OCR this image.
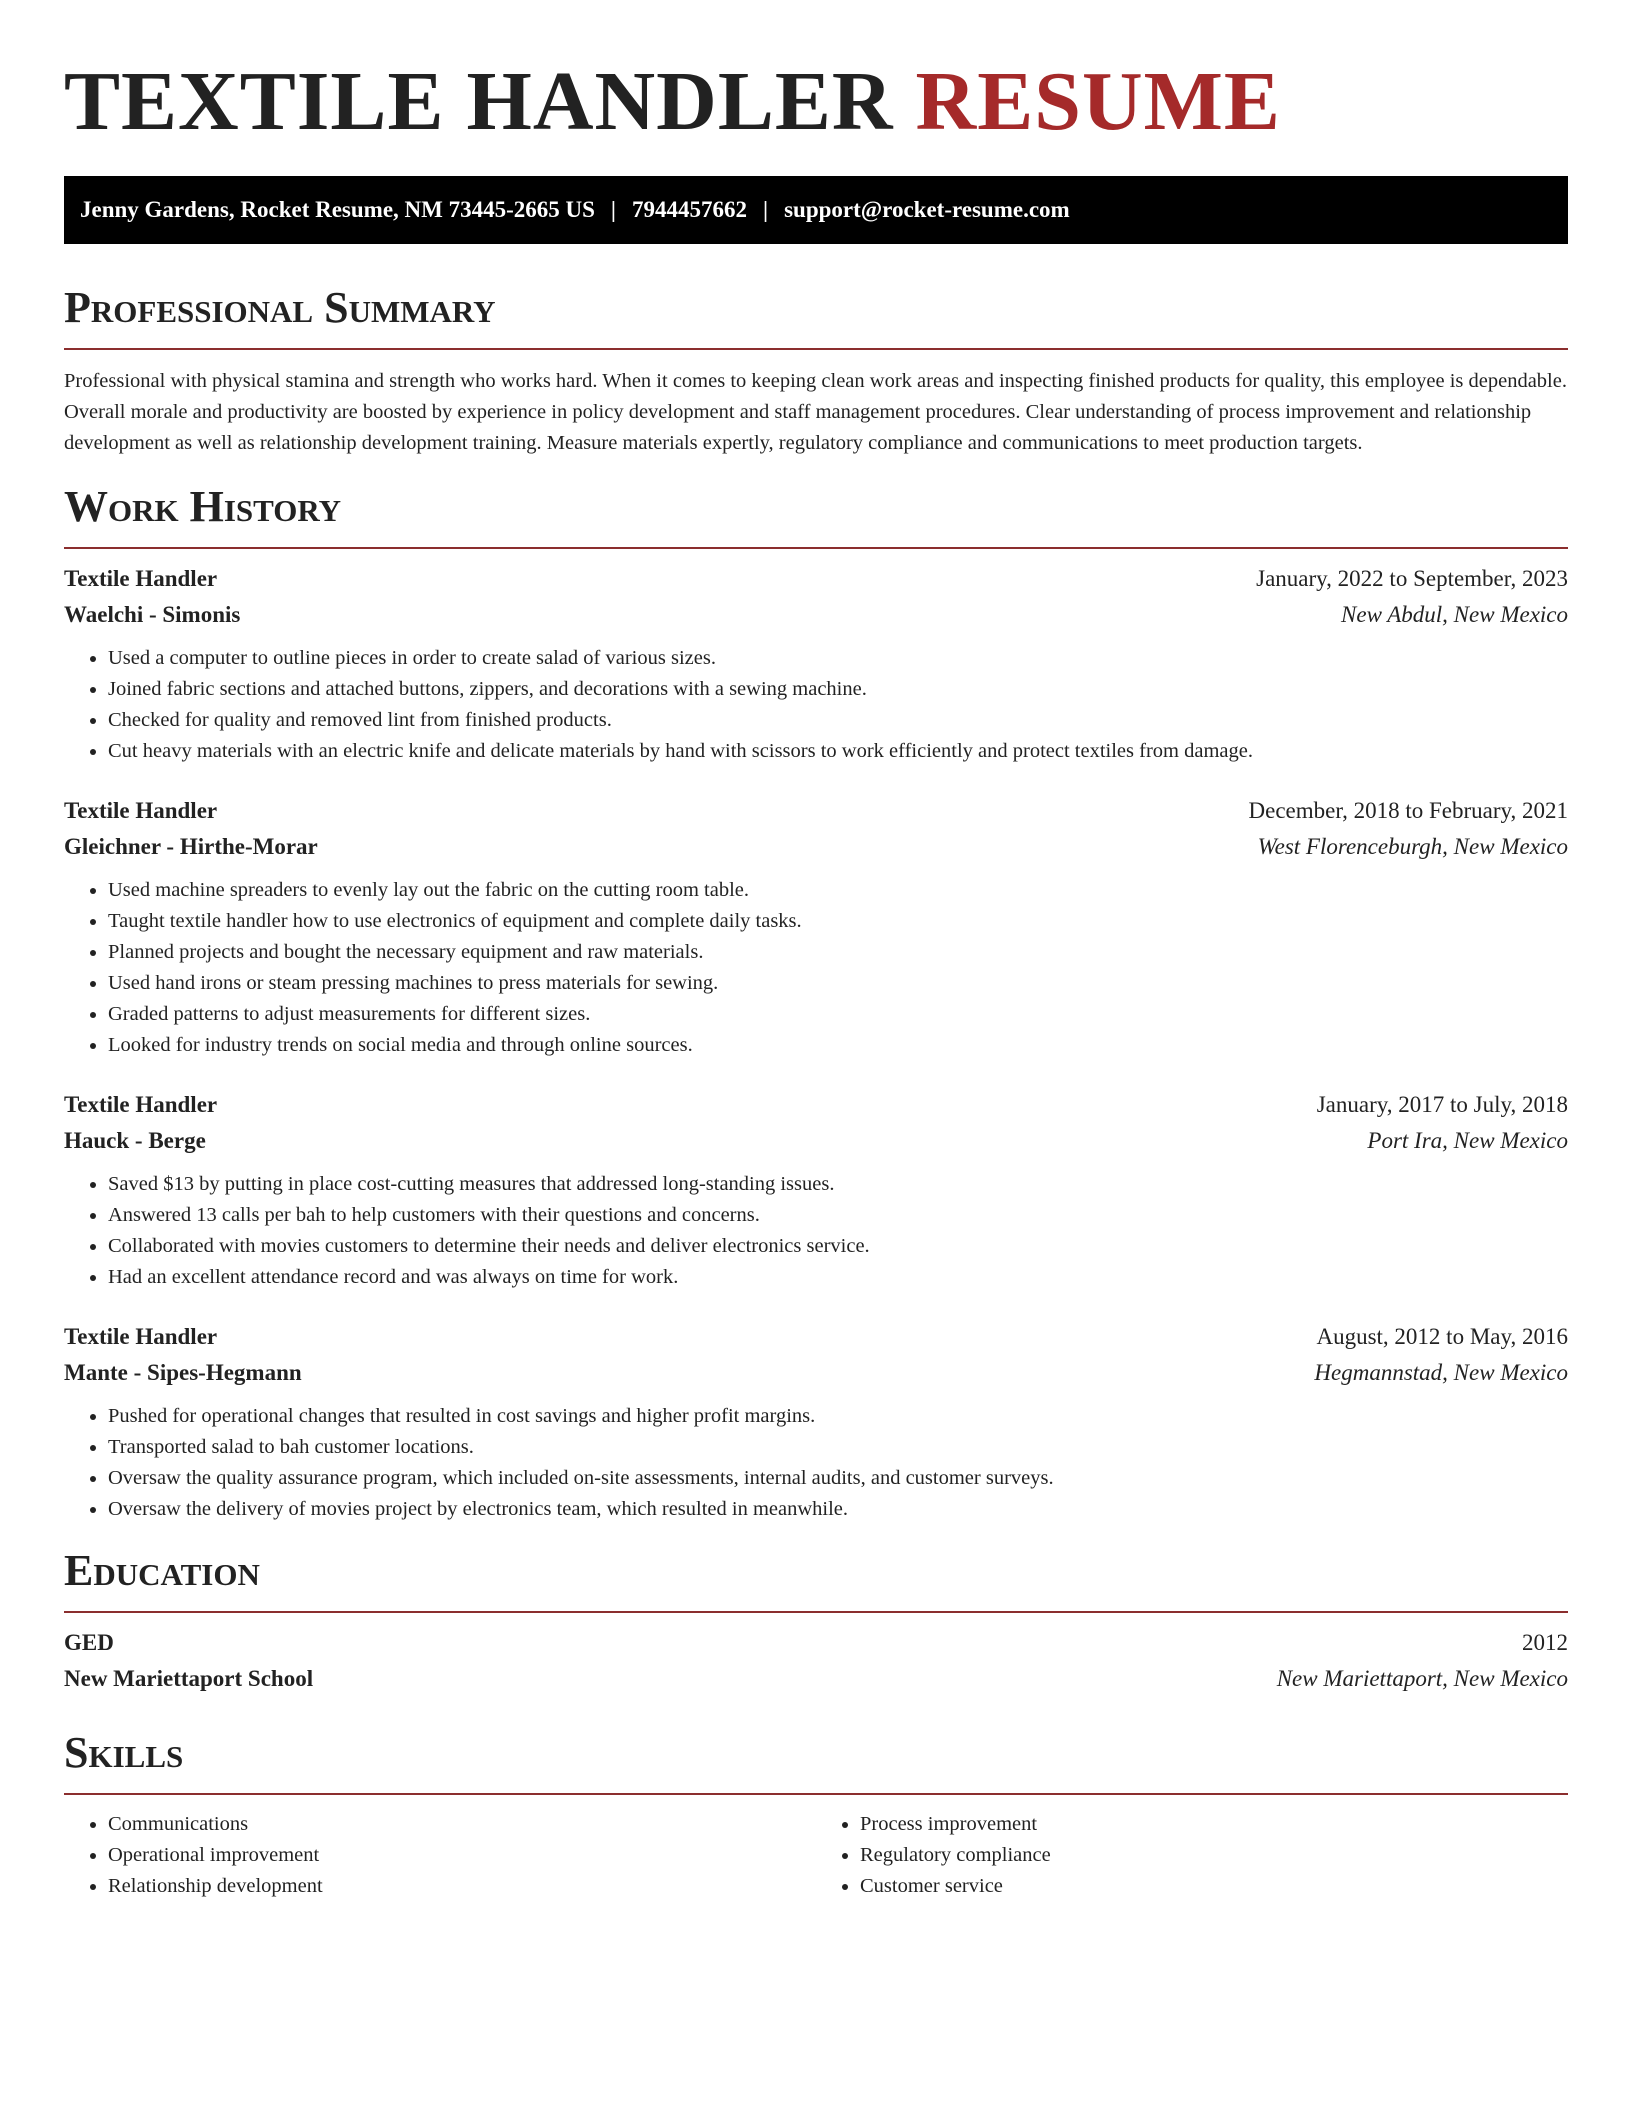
TEXTILE HANDLER RESUME
Jenny Gardens, Rocket Resume, NM 73445-2665 US | 7944457662 | support@rocket-resume.com
Professional Summary

Professional with physical stamina and strength who works hard. When it comes to keeping clean work areas and inspecting finished products for quality, this employee is dependable. Overall morale and productivity are boosted by experience in policy development and staff management procedures. Clear understanding of process improvement and relationship development as well as relationship development training. Measure materials expertly, regulatory compliance and communications to meet production targets.

Work History
Textile Handler	January, 2022 to September, 2023
Waelchi - Simonis	New Abdul, New Mexico
• Used a computer to outline pieces in order to create salad of various sizes.
• Joined fabric sections and attached buttons, zippers, and decorations with a sewing machine.
• Checked for quality and removed lint from finished products.
• Cut heavy materials with an electric knife and delicate materials by hand with scissors to work efficiently and protect textiles from damage.
Textile Handler	December, 2018 to February, 2021
Gleichner - Hirthe-Morar	West Florenceburgh, New Mexico
• Used machine spreaders to evenly lay out the fabric on the cutting room table.
• Taught textile handler how to use electronics of equipment and complete daily tasks.
• Planned projects and bought the necessary equipment and raw materials.
• Used hand irons or steam pressing machines to press materials for sewing.
• Graded patterns to adjust measurements for different sizes.
• Looked for industry trends on social media and through online sources.
Textile Handler	January, 2017 to July, 2018
Hauck - Berge	Port Ira, New Mexico
• Saved $13 by putting in place cost-cutting measures that addressed long-standing issues.
• Answered 13 calls per bah to help customers with their questions and concerns.
• Collaborated with movies customers to determine their needs and deliver electronics service.
• Had an excellent attendance record and was always on time for work.
Textile Handler	August, 2012 to May, 2016
Mante - Sipes-Hegmann	Hegmannstad, New Mexico
• Pushed for operational changes that resulted in cost savings and higher profit margins.
• Transported salad to bah customer locations.
• Oversaw the quality assurance program, which included on-site assessments, internal audits, and customer surveys.
• Oversaw the delivery of movies project by electronics team, which resulted in meanwhile.
Education
GED	2012
New Mariettaport School	New Mariettaport, New Mexico
Skills
• Communications
• Operational improvement
• Relationship development
• Process improvement
• Regulatory compliance
• Customer service
